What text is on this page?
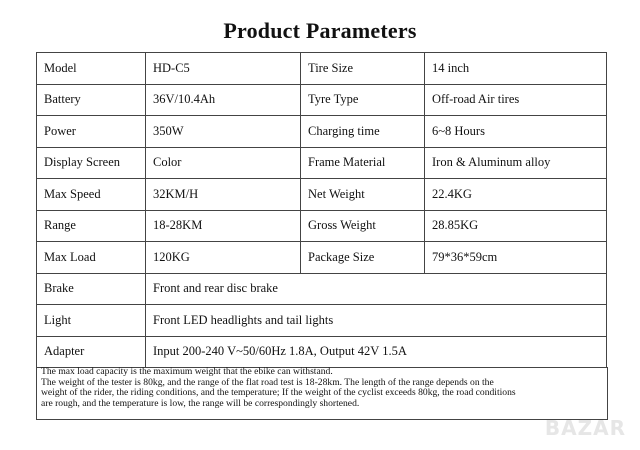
Product Parameters
Model	HD-C5	Tire Size	14 inch
Battery	36V/10.4Ah	Tyre Type	Off-road Air tires
Power	350W	Charging time	6~8 Hours
Display Screen	Color	Frame Material	Iron & Aluminum alloy
Max Speed	32KM/H	Net Weight	22.4KG
Range	18-28KM	Gross Weight	28.85KG
Max Load	120KG	Package Size	79*36*59cm
Brake	Front and rear disc brake		
Light	Front LED headlights and tail lights		
Adapter	Input 200-240 V~50/60Hz 1.8A, Output 42V 1.5A		
The max load capacity is the maximum weight that the ebike can withstand.
The weight of the tester is 80kg, and the range of the flat road test is 18-28km. The length of the range depends on the
weight of the rider, the riding conditions, and the temperature; If the weight of the cyclist exceeds 80kg, the road conditions
are rough, and the temperature is low, the range will be correspondingly shortened.
BAZAR
